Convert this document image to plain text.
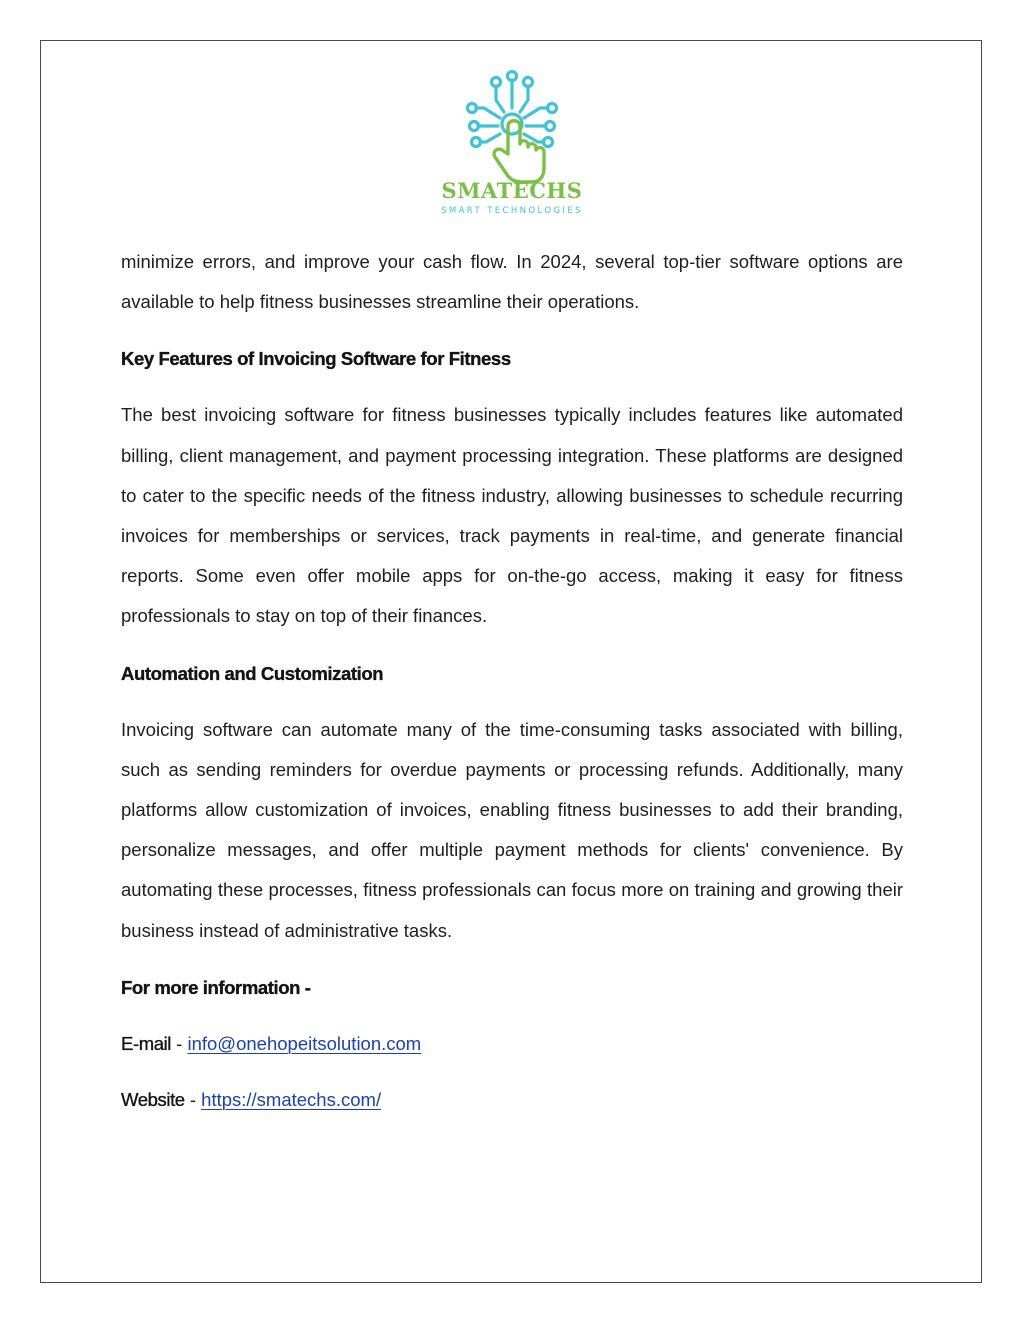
SMATECHS
SMART TECHNOLOGIES

minimize errors, and improve your cash flow. In 2024, several top-tier software options are available to help fitness businesses streamline their operations.

Key Features of Invoicing Software for Fitness

The best invoicing software for fitness businesses typically includes features like automated billing, client management, and payment processing integration. These platforms are designed to cater to the specific needs of the fitness industry, allowing businesses to schedule recurring invoices for memberships or services, track payments in real-time, and generate financial reports. Some even offer mobile apps for on-the-go access, making it easy for fitness professionals to stay on top of their finances.

Automation and Customization

Invoicing software can automate many of the time-consuming tasks associated with billing, such as sending reminders for overdue payments or processing refunds. Additionally, many platforms allow customization of invoices, enabling fitness businesses to add their branding, personalize messages, and offer multiple payment methods for clients' convenience. By automating these processes, fitness professionals can focus more on training and growing their business instead of administrative tasks.

For more information -

E-mail - info@onehopeitsolution.com

Website - https://smatechs.com/
